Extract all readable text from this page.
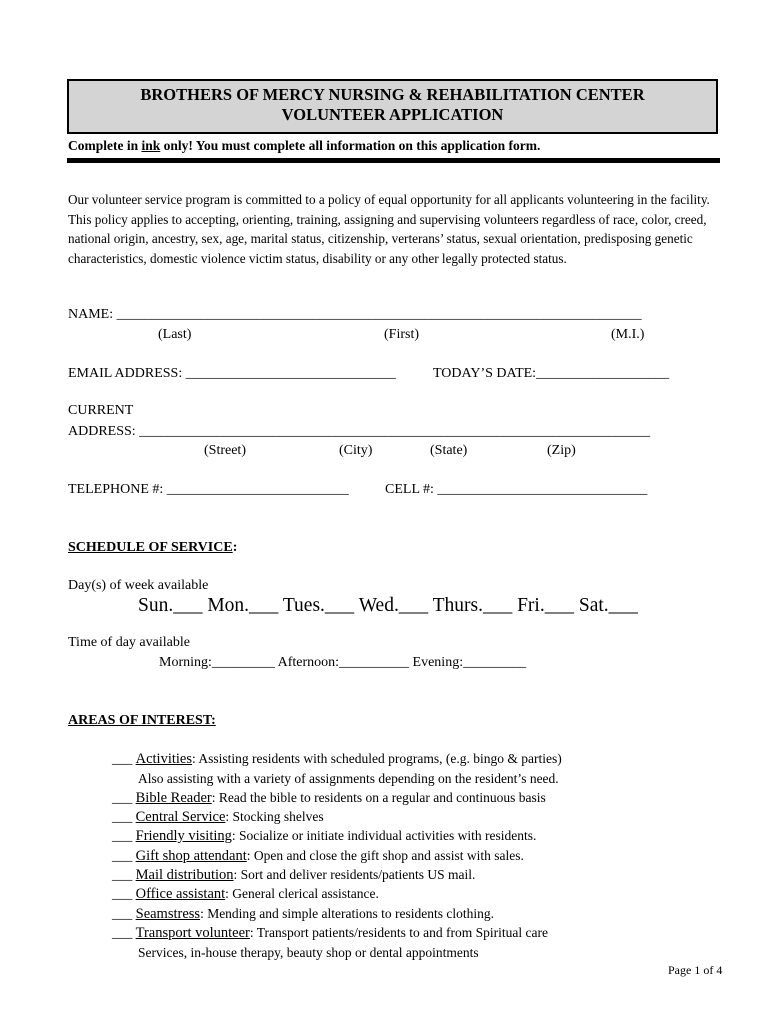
BROTHERS OF MERCY NURSING & REHABILITATION CENTER
VOLUNTEER APPLICATION
Complete in ink only! You must complete all information on this application form.
Our volunteer service program is committed to a policy of equal opportunity for all applicants volunteering in the facility. This policy applies to accepting, orienting, training, assigning and supervising volunteers regardless of race, color, creed, national origin, ancestry, sex, age, marital status, citizenship, verterans’ status, sexual orientation, predisposing genetic characteristics, domestic violence victim status, disability or any other legally protected status.
NAME: ___________________________________________________________________________
(Last)	(First)	(M.I.)
EMAIL ADDRESS: ______________________________	TODAY’S DATE:___________________
CURRENT
ADDRESS: _________________________________________________________________________
(Street)	(City)	(State)	(Zip)
TELEPHONE #: __________________________	CELL #: ______________________________
SCHEDULE OF SERVICE:
Day(s) of week available
Sun.___ Mon.___ Tues.___ Wed.___ Thurs.___ Fri.___ Sat.___
Time of day available
Morning:_________ Afternoon:__________ Evening:_________
AREAS OF INTEREST:
___ Activities: Assisting residents with scheduled programs, (e.g. bingo & parties)
Also assisting with a variety of assignments depending on the resident’s need.
___ Bible Reader: Read the bible to residents on a regular and continuous basis
___ Central Service: Stocking shelves
___ Friendly visiting: Socialize or initiate individual activities with residents.
___ Gift shop attendant: Open and close the gift shop and assist with sales.
___ Mail distribution: Sort and deliver residents/patients US mail.
___ Office assistant: General clerical assistance.
___ Seamstress: Mending and simple alterations to residents clothing.
___ Transport volunteer: Transport patients/residents to and from Spiritual care
Services, in-house therapy, beauty shop or dental appointments
Page 1 of 4
